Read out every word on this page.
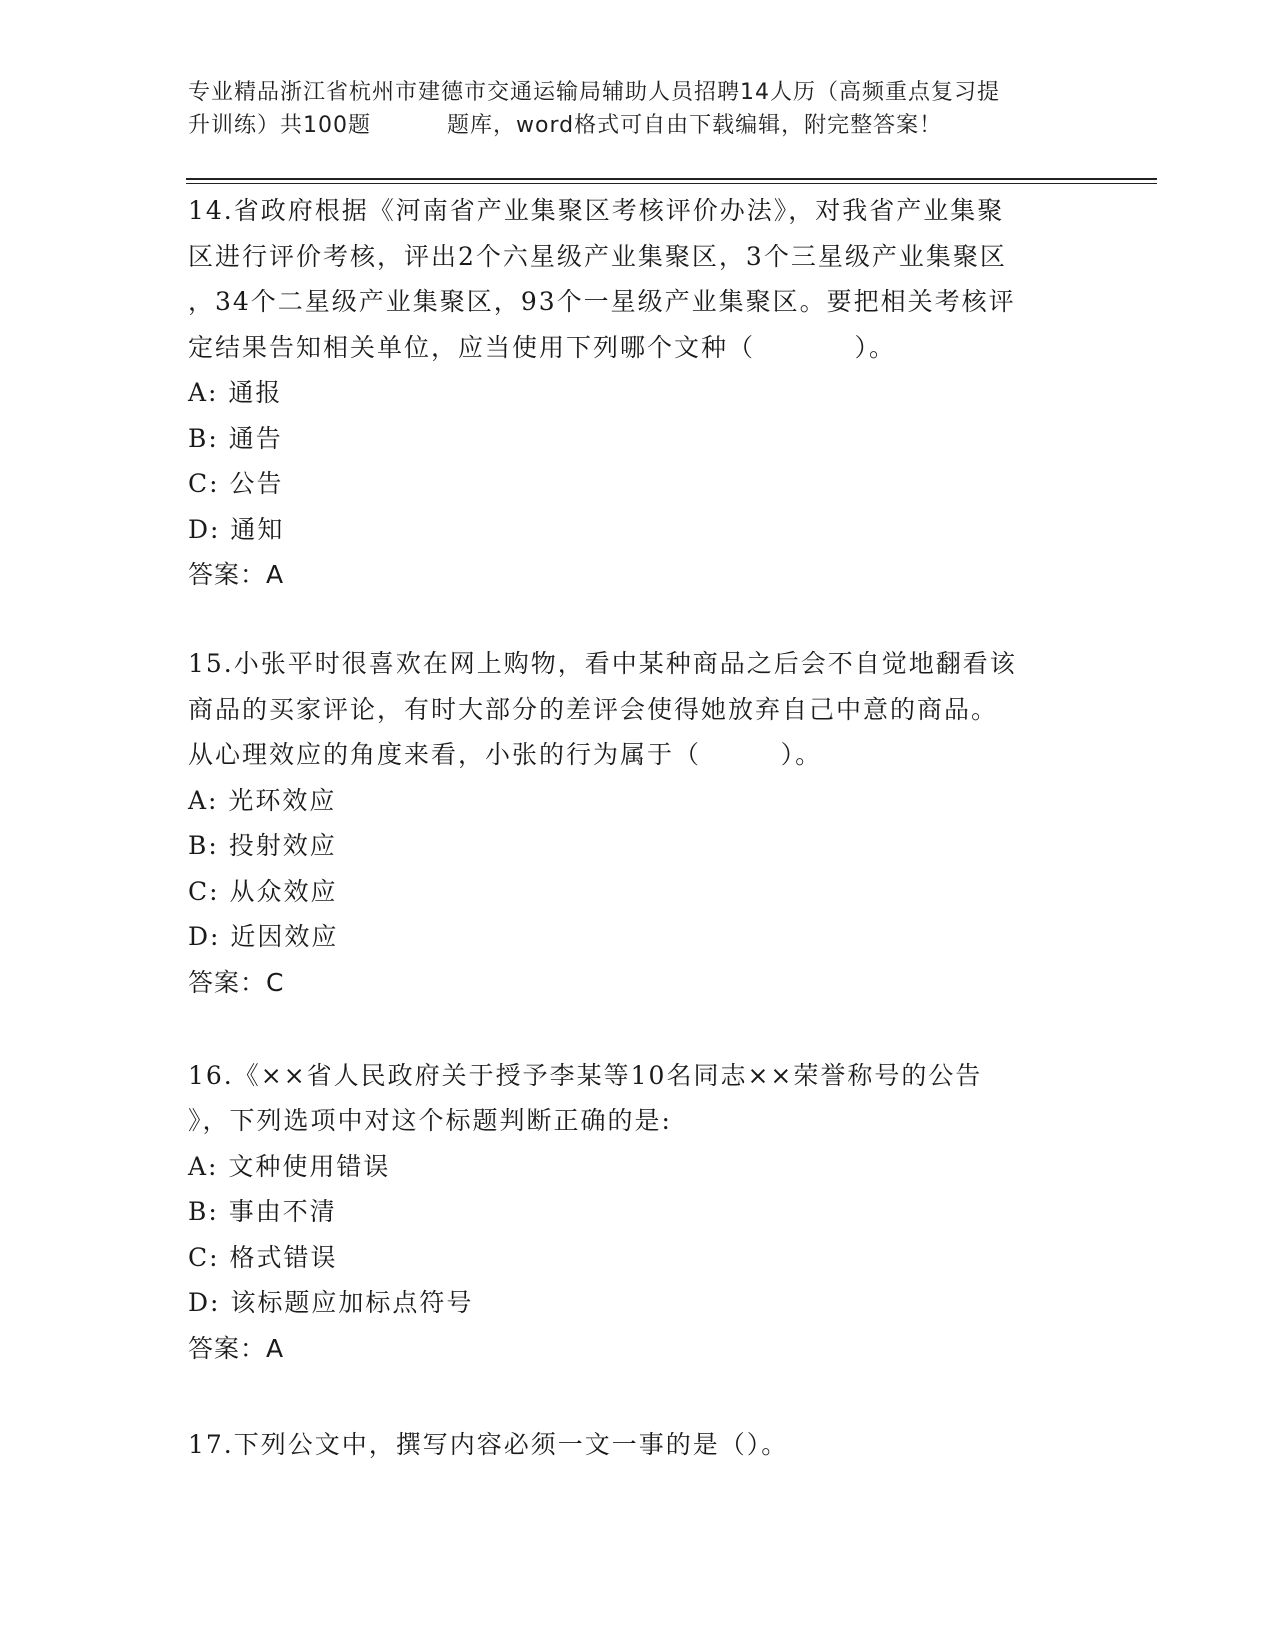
专业精品浙江省杭州市建德市交通运输局辅助人员招聘14人历（高频重点复习提
升训练）共100题	题库，word格式可自由下载编辑，附完整答案！
14.省政府根据《河南省产业集聚区考核评价办法》，对我省产业集聚
区进行评价考核，评出2个六星级产业集聚区，3个三星级产业集聚区
，34个二星级产业集聚区，93个一星级产业集聚区。要把相关考核评
定结果告知相关单位，应当使用下列哪个文种（          ）。
A: 通报
B: 通告
C: 公告
D: 通知
答案：A
15.小张平时很喜欢在网上购物，看中某种商品之后会不自觉地翻看该
商品的买家评论，有时大部分的差评会使得她放弃自己中意的商品。
从心理效应的角度来看，小张的行为属于（        ）。
A: 光环效应
B: 投射效应
C: 从众效应
D: 近因效应
答案：C
16.《××省人民政府关于授予李某等10名同志××荣誉称号的公告
》，下列选项中对这个标题判断正确的是:
A: 文种使用错误
B: 事由不清
C: 格式错误
D: 该标题应加标点符号
答案：A
17.下列公文中，撰写内容必须一文一事的是（）。
